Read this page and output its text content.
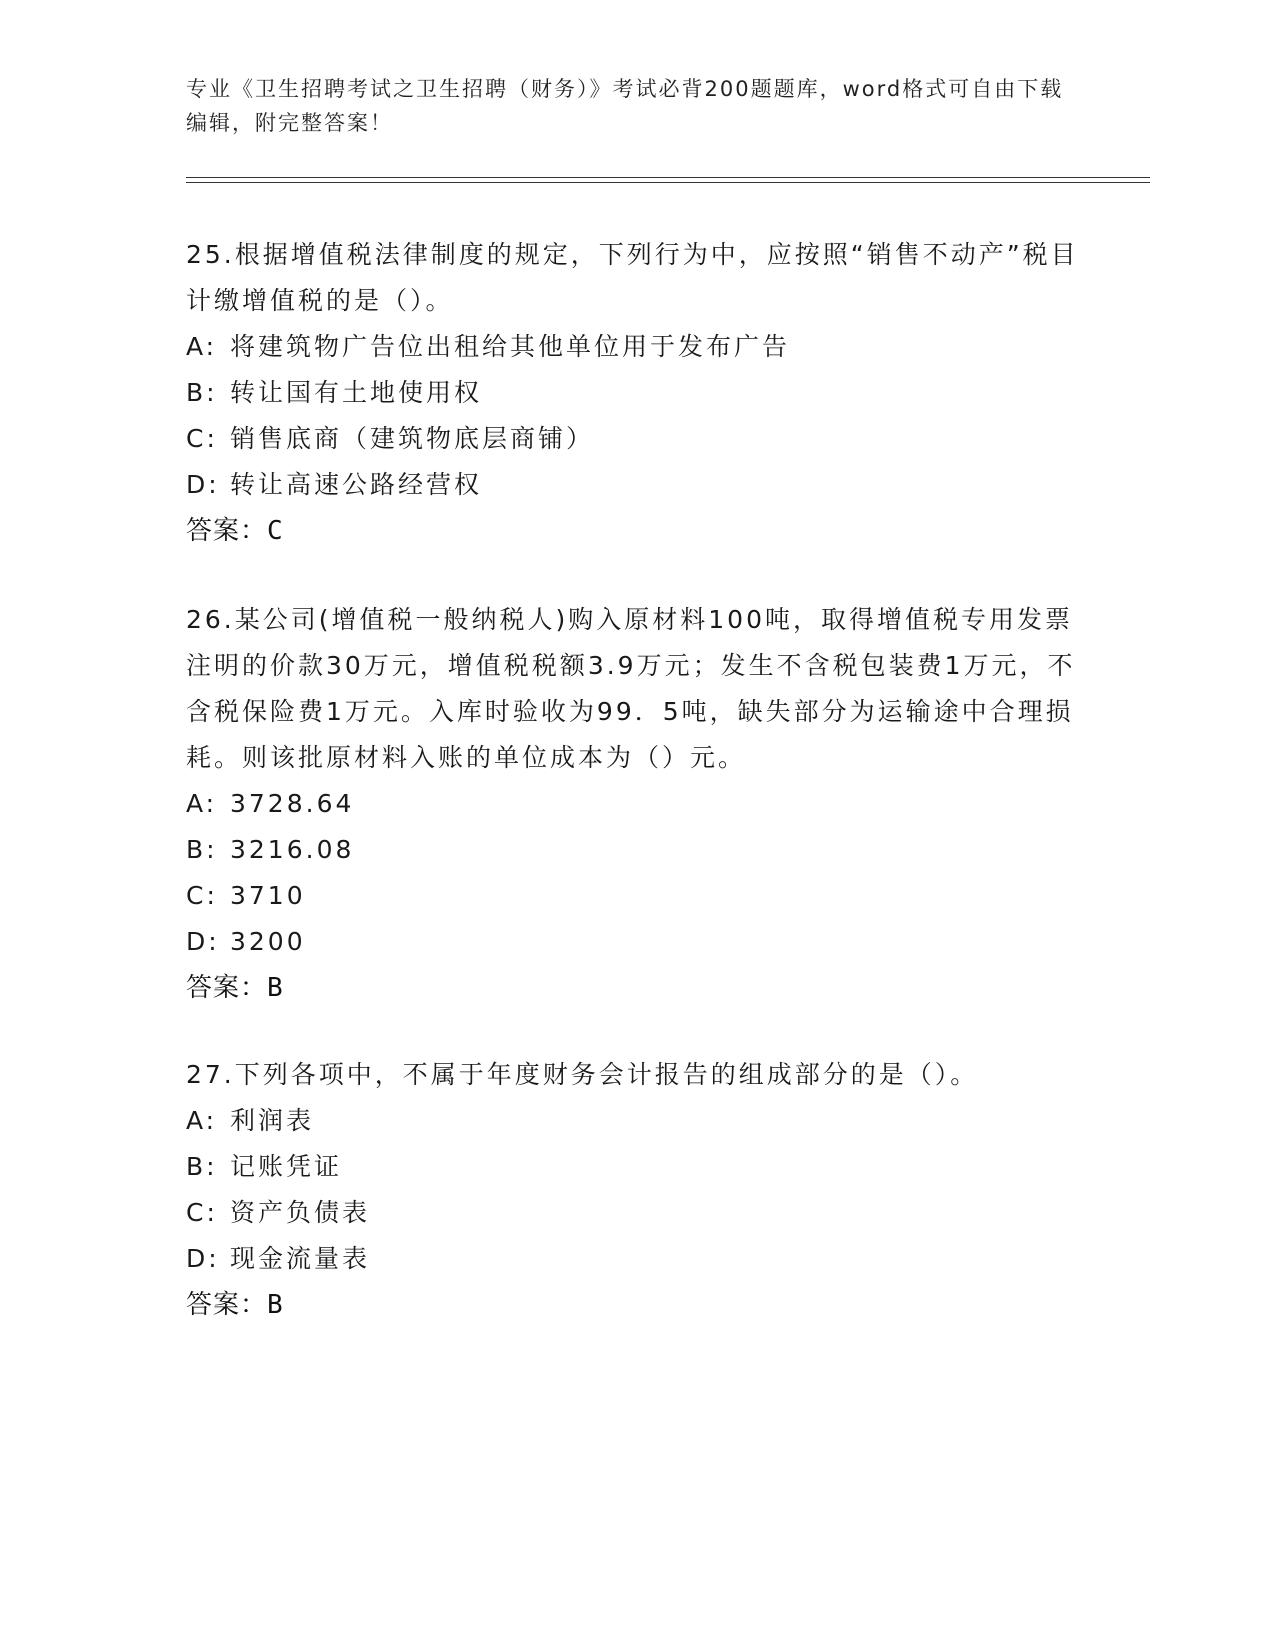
专业《卫生招聘考试之卫生招聘（财务）》考试必背200题题库，word格式可自由下载编辑，附完整答案！
25.根据增值税法律制度的规定，下列行为中，应按照“销售不动产”税目计缴增值税的是（）。
A: 将建筑物广告位出租给其他单位用于发布广告
B: 转让国有土地使用权
C: 销售底商（建筑物底层商铺）
D: 转让高速公路经营权
答案：C
26.某公司(增值税一般纳税人)购入原材料100吨，取得增值税专用发票注明的价款30万元，增值税税额3.9万元；发生不含税包装费1万元，不含税保险费1万元。入库时验收为99．5吨，缺失部分为运输途中合理损耗。则该批原材料入账的单位成本为（）元。
A: 3728.64
B: 3216.08
C: 3710
D: 3200
答案：B
27.下列各项中，不属于年度财务会计报告的组成部分的是（）。
A: 利润表
B: 记账凭证
C: 资产负债表
D: 现金流量表
答案：B
